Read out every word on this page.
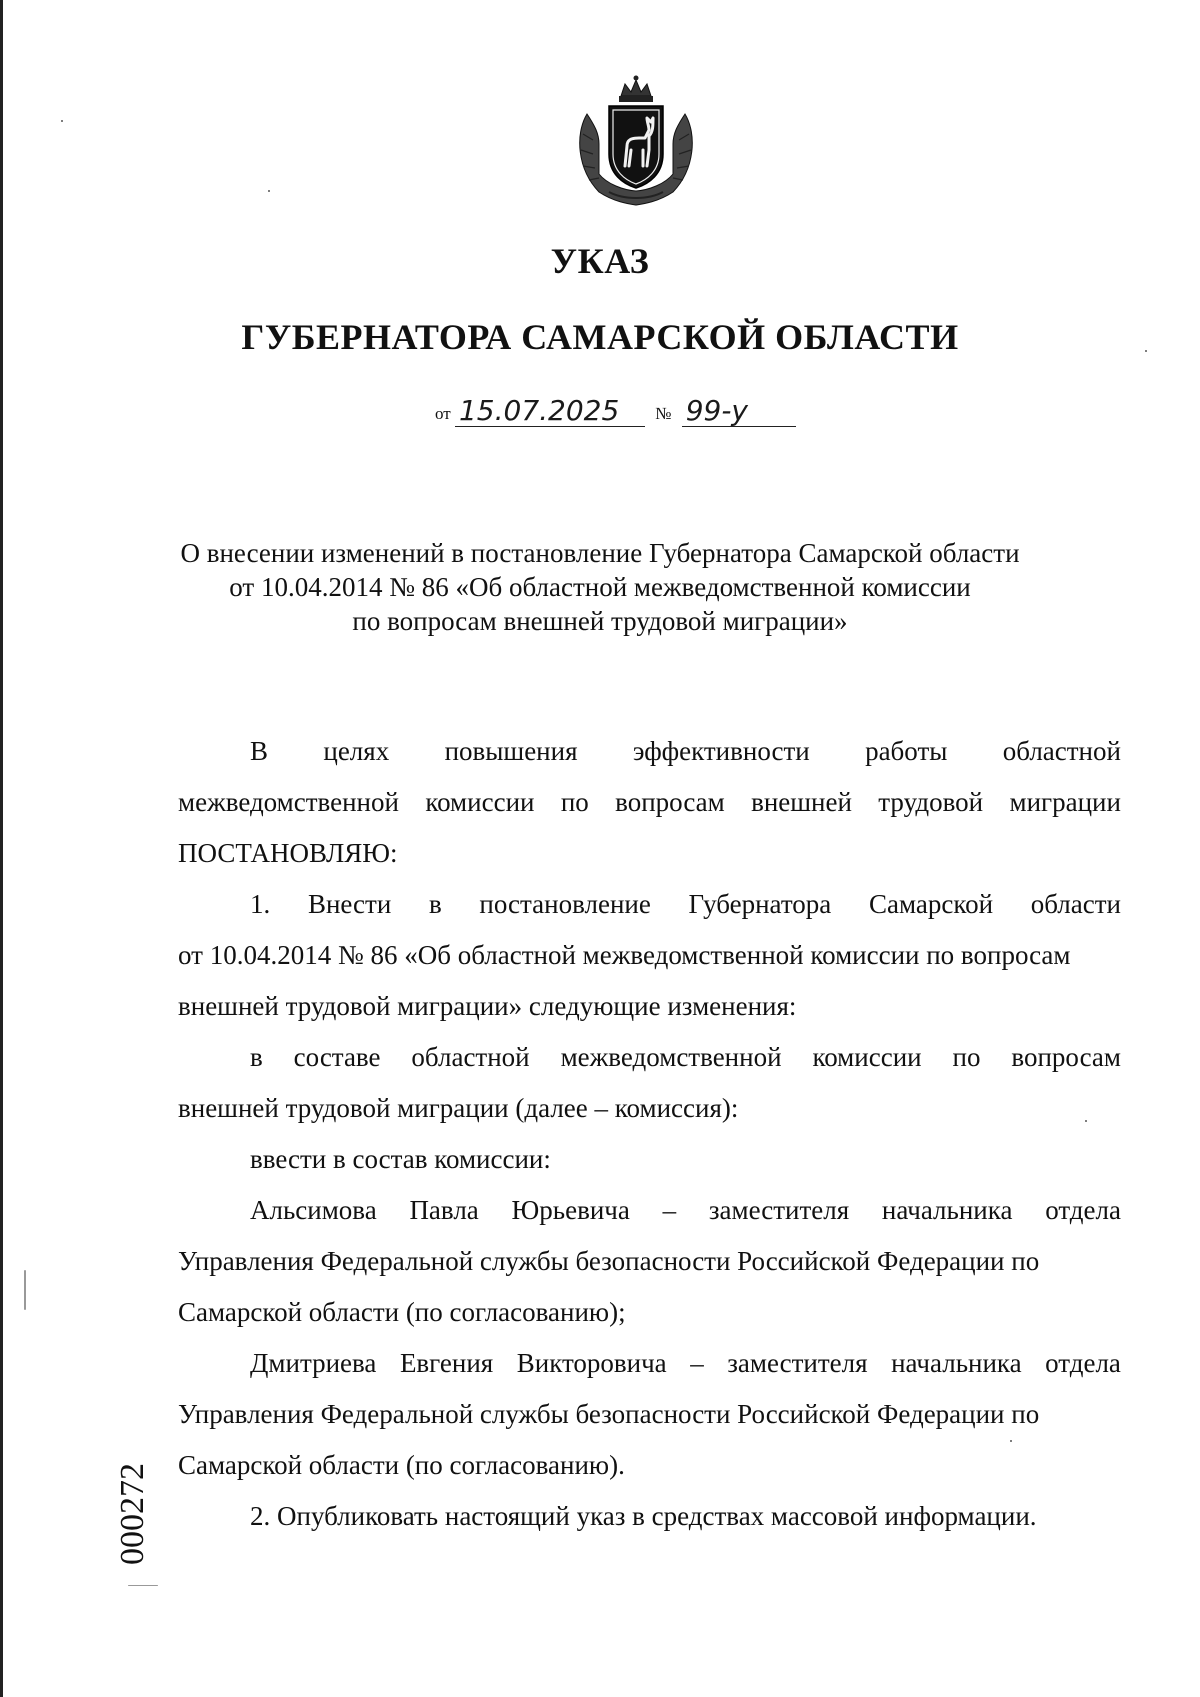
УКАЗ
ГУБЕРНАТОРА САМАРСКОЙ ОБЛАСТИ
от 15.07.2025 № 99-у
О внесении изменений в постановление Губернатора Самарской области
от 10.04.2014 № 86 «Об областной межведомственной комиссии
по вопросам внешней трудовой миграции»
В целях повышения эффективности работы областной
межведомственной комиссии по вопросам внешней трудовой миграции
ПОСТАНОВЛЯЮ:
1. Внести в постановление Губернатора Самарской области
от 10.04.2014 № 86 «Об областной межведомственной комиссии по вопросам
внешней трудовой миграции» следующие изменения:
в составе областной межведомственной комиссии по вопросам
внешней трудовой миграции (далее – комиссия):
ввести в состав комиссии:
Альсимова Павла Юрьевича – заместителя начальника отдела
Управления Федеральной службы безопасности Российской Федерации по
Самарской области (по согласованию);
Дмитриева Евгения Викторовича – заместителя начальника отдела
Управления Федеральной службы безопасности Российской Федерации по
Самарской области (по согласованию).
2. Опубликовать настоящий указ в средствах массовой информации.
000272
